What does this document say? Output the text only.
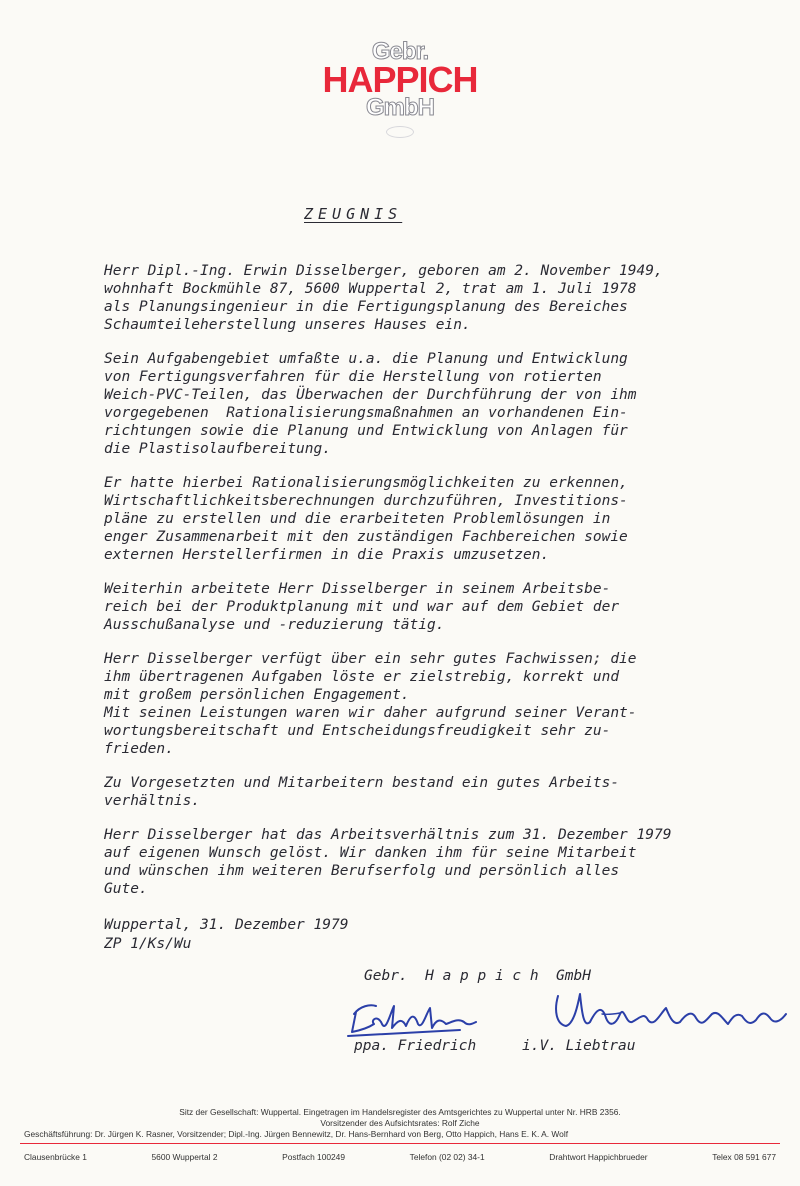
Gebr.
HAPPICH
GmbH
ZEUGNIS
Herr Dipl.-Ing. Erwin Disselberger, geboren am 2. November 1949,
wohnhaft Bockmühle 87, 5600 Wuppertal 2, trat am 1. Juli 1978
als Planungsingenieur in die Fertigungsplanung des Bereiches
Schaumteileherstellung unseres Hauses ein.
Sein Aufgabengebiet umfaßte u.a. die Planung und Entwicklung
von Fertigungsverfahren für die Herstellung von rotierten
Weich-PVC-Teilen, das Überwachen der Durchführung der von ihm
vorgegebenen  Rationalisierungsmaßnahmen an vorhandenen Ein-
richtungen sowie die Planung und Entwicklung von Anlagen für
die Plastisolaufbereitung.
Er hatte hierbei Rationalisierungsmöglichkeiten zu erkennen,
Wirtschaftlichkeitsberechnungen durchzuführen, Investitions-
pläne zu erstellen und die erarbeiteten Problemlösungen in
enger Zusammenarbeit mit den zuständigen Fachbereichen sowie
externen Herstellerfirmen in die Praxis umzusetzen.
Weiterhin arbeitete Herr Disselberger in seinem Arbeitsbe-
reich bei der Produktplanung mit und war auf dem Gebiet der
Ausschußanalyse und -reduzierung tätig.
Herr Disselberger verfügt über ein sehr gutes Fachwissen; die
ihm übertragenen Aufgaben löste er zielstrebig, korrekt und
mit großem persönlichen Engagement.
Mit seinen Leistungen waren wir daher aufgrund seiner Verant-
wortungsbereitschaft und Entscheidungsfreudigkeit sehr zu-
frieden.
Zu Vorgesetzten und Mitarbeitern bestand ein gutes Arbeits-
verhältnis.
Herr Disselberger hat das Arbeitsverhältnis zum 31. Dezember 1979
auf eigenen Wunsch gelöst. Wir danken ihm für seine Mitarbeit
und wünschen ihm weiteren Berufserfolg und persönlich alles
Gute.
Wuppertal, 31. Dezember 1979
ZP 1/Ks/Wu
Gebr.  H a p p i c h  GmbH
ppa. Friedrich	i.V. Liebtrau
Sitz der Gesellschaft: Wuppertal. Eingetragen im Handelsregister des Amtsgerichtes zu Wuppertal unter Nr. HRB 2356.
Vorsitzender des Aufsichtsrates: Rolf Ziche
Geschäftsführung: Dr. Jürgen K. Rasner, Vorsitzender; Dipl.-Ing. Jürgen Bennewitz, Dr. Hans-Bernhard von Berg, Otto Happich, Hans E. K. A. Wolf
Clausenbrücke 1	5600 Wuppertal 2	Postfach 100249	Telefon (02 02) 34-1	Drahtwort Happichbrueder	Telex 08 591 677
